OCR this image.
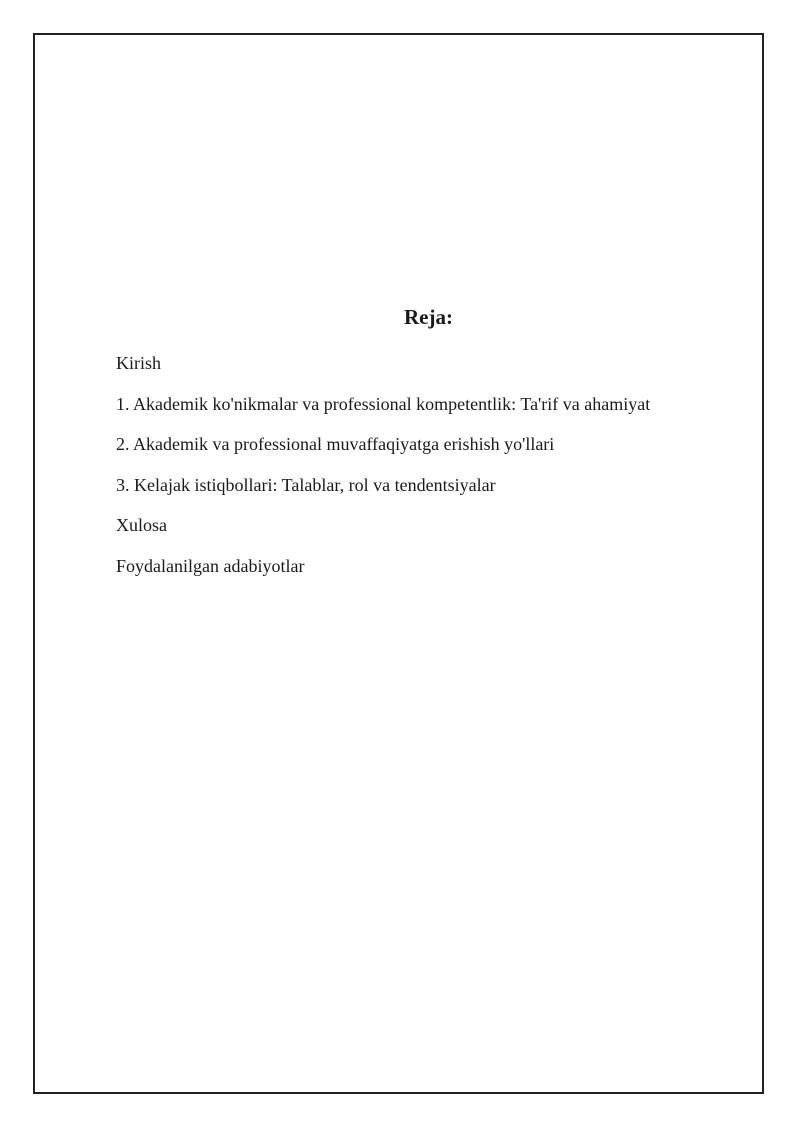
Reja:
Kirish
1. Akademik ko'nikmalar va professional kompetentlik: Ta'rif va ahamiyat
2. Akademik va professional muvaffaqiyatga erishish yo'llari
3. Kelajak istiqbollari: Talablar, rol va tendentsiyalar
Xulosa
Foydalanilgan adabiyotlar
